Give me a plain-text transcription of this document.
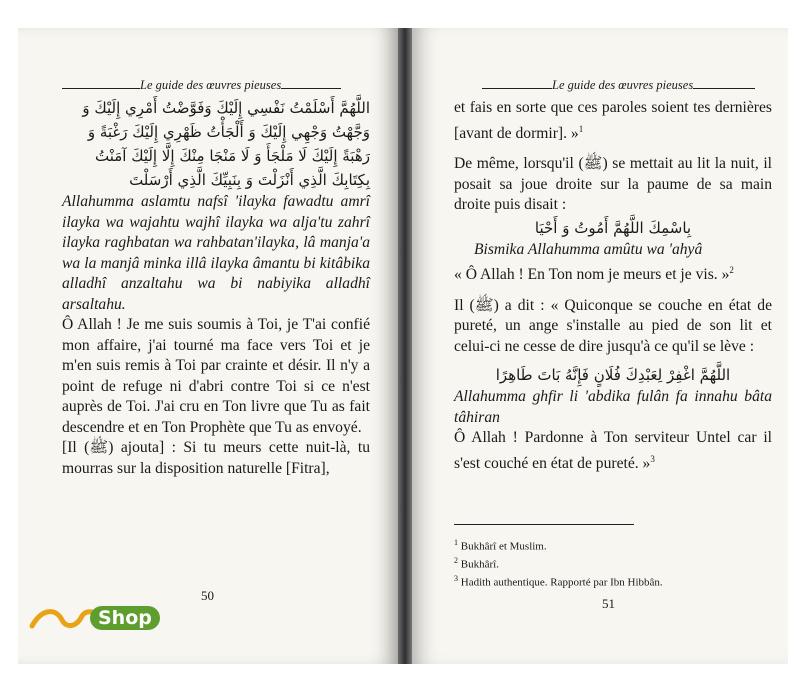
Le guide des œuvres pieuses

اللَّهُمَّ أَسْلَمْتُ نَفْسِي إِلَيْكَ وَفَوَّضْتُ أَمْرِي إِلَيْكَ وَ

وَجَّهْتُ وَجْهِي إِلَيْكَ وَ أَلْجَأْتُ ظَهْرِي إِلَيْكَ رَغْبَةً وَ

رَهْبَةً إِلَيْكَ لَا مَلْجَأَ وَ لَا مَنْجَا مِنْكَ إِلَّا إِلَيْكَ آمَنْتُ

بِكِتَابِكَ الَّذِي أَنْزَلْتَ وَ بِنَبِيِّكَ الَّذِي أَرْسَلْتَ

Allahumma aslamtu nafsî 'ilayka fawadtu amrî ilayka wa wajahtu wajhî ilayka wa alja'tu zahrî ilayka raghbatan wa rahbatan'ilayka, lâ manja'a wa la manjâ minka illâ ilayka âmantu bi kitâbika alladhî anzaltahu wa bi nabiyika alladhî arsaltahu.

Ô Allah ! Je me suis soumis à Toi, je T'ai confié mon affaire, j'ai tourné ma face vers Toi et je m'en suis remis à Toi par crainte et désir. Il n'y a point de refuge ni d'abri contre Toi si ce n'est auprès de Toi. J'ai cru en Ton livre que Tu as fait descendre et en Ton Prophète que Tu as envoyé.

[Il (ﷺ) ajouta] : Si tu meurs cette nuit-là, tu mourras sur la disposition naturelle [Fitra],

50
Le guide des œuvres pieuses

et fais en sorte que ces paroles soient tes dernières [avant de dormir]. »$^1$

De même, lorsqu'il (ﷺ) se mettait au lit la nuit, il posait sa joue droite sur la paume de sa main droite puis disait :

بِاسْمِكَ اللَّهُمَّ أَمُوتُ وَ أَحْيَا

Bismika Allahumma amûtu wa 'ahyâ

« Ô Allah ! En Ton nom je meurs et je vis. »$^2$

Il (ﷺ) a dit : « Quiconque se couche en état de pureté, un ange s'installe au pied de son lit et celui-ci ne cesse de dire jusqu'à ce qu'il se lève :

اللَّهُمَّ اغْفِرْ لِعَبْدِكَ فُلَانٍ فَإِنَّهُ بَاتَ طَاهِرًا

Allahumma ghfir li 'abdika fulân fa innahu bâta tâhiran

Ô Allah ! Pardonne à Ton serviteur Untel car il s'est couché en état de pureté. »$^3$

$^1$ Bukhârî et Muslim.
$^2$ Bukhârî.
$^3$ Hadith authentique. Rapporté par Ibn Hibbân.
51
Shop
